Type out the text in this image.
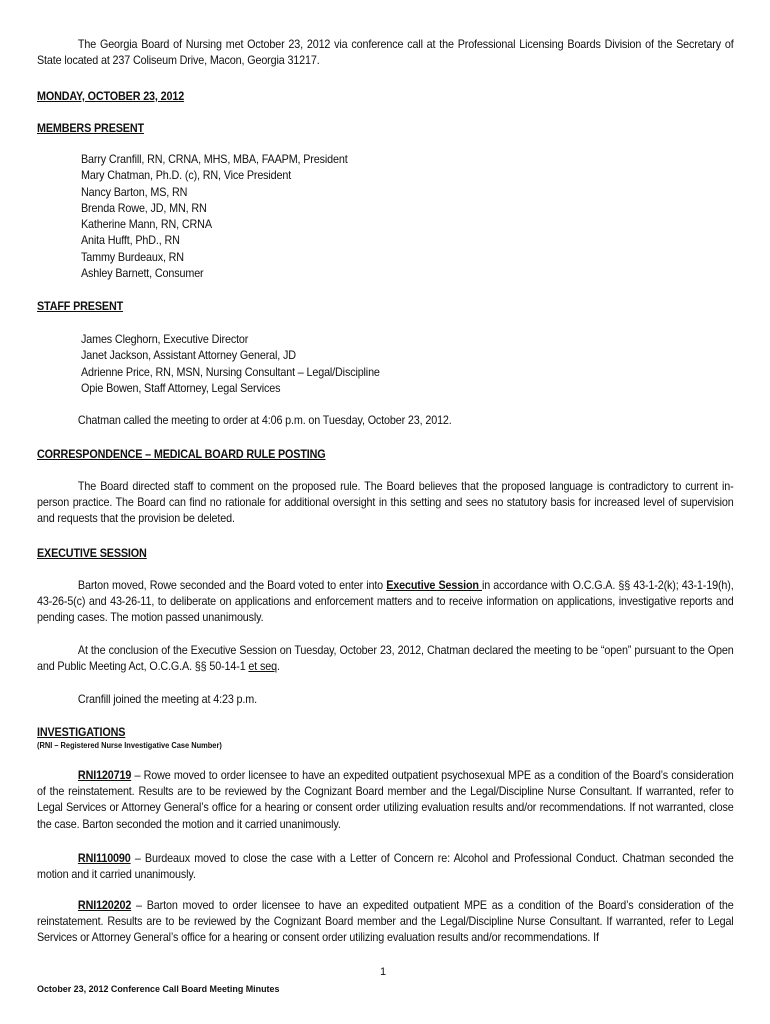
The Georgia Board of Nursing met October 23, 2012 via conference call at the Professional Licensing Boards Division of the Secretary of State located at 237 Coliseum Drive, Macon, Georgia 31217.

MONDAY, OCTOBER 23, 2012

MEMBERS PRESENT

Barry Cranfill, RN, CRNA, MHS, MBA, FAAPM, President
Mary Chatman, Ph.D. (c), RN, Vice President
Nancy Barton, MS, RN
Brenda Rowe, JD, MN, RN
Katherine Mann, RN, CRNA
Anita Hufft, PhD., RN
Tammy Burdeaux, RN
Ashley Barnett, Consumer

STAFF PRESENT

James Cleghorn, Executive Director
Janet Jackson, Assistant Attorney General, JD
Adrienne Price, RN, MSN, Nursing Consultant – Legal/Discipline
Opie Bowen, Staff Attorney, Legal Services

Chatman called the meeting to order at 4:06 p.m. on Tuesday, October 23, 2012.

CORRESPONDENCE – MEDICAL BOARD RULE POSTING

The Board directed staff to comment on the proposed rule. The Board believes that the proposed language is contradictory to current in-person practice. The Board can find no rationale for additional oversight in this setting and sees no statutory basis for increased level of supervision and requests that the provision be deleted.

EXECUTIVE SESSION

Barton moved, Rowe seconded and the Board voted to enter into Executive Session in accordance with O.C.G.A. §§ 43-1-2(k); 43-1-19(h), 43-26-5(c) and 43-26-11, to deliberate on applications and enforcement matters and to receive information on applications, investigative reports and pending cases. The motion passed unanimously.

At the conclusion of the Executive Session on Tuesday, October 23, 2012, Chatman declared the meeting to be “open” pursuant to the Open and Public Meeting Act, O.C.G.A. §§ 50-14-1 et seq.

Cranfill joined the meeting at 4:23 p.m.

INVESTIGATIONS

(RNI – Registered Nurse Investigative Case Number)

RNI120719 – Rowe moved to order licensee to have an expedited outpatient psychosexual MPE as a condition of the Board’s consideration of the reinstatement. Results are to be reviewed by the Cognizant Board member and the Legal/Discipline Nurse Consultant. If warranted, refer to Legal Services or Attorney General’s office for a hearing or consent order utilizing evaluation results and/or recommendations. If not warranted, close the case. Barton seconded the motion and it carried unanimously.

RNI110090 – Burdeaux moved to close the case with a Letter of Concern re: Alcohol and Professional Conduct. Chatman seconded the motion and it carried unanimously.

RNI120202 – Barton moved to order licensee to have an expedited outpatient MPE as a condition of the Board’s consideration of the reinstatement. Results are to be reviewed by the Cognizant Board member and the Legal/Discipline Nurse Consultant. If warranted, refer to Legal Services or Attorney General’s office for a hearing or consent order utilizing evaluation results and/or recommendations. If

1

October 23, 2012 Conference Call Board Meeting Minutes
